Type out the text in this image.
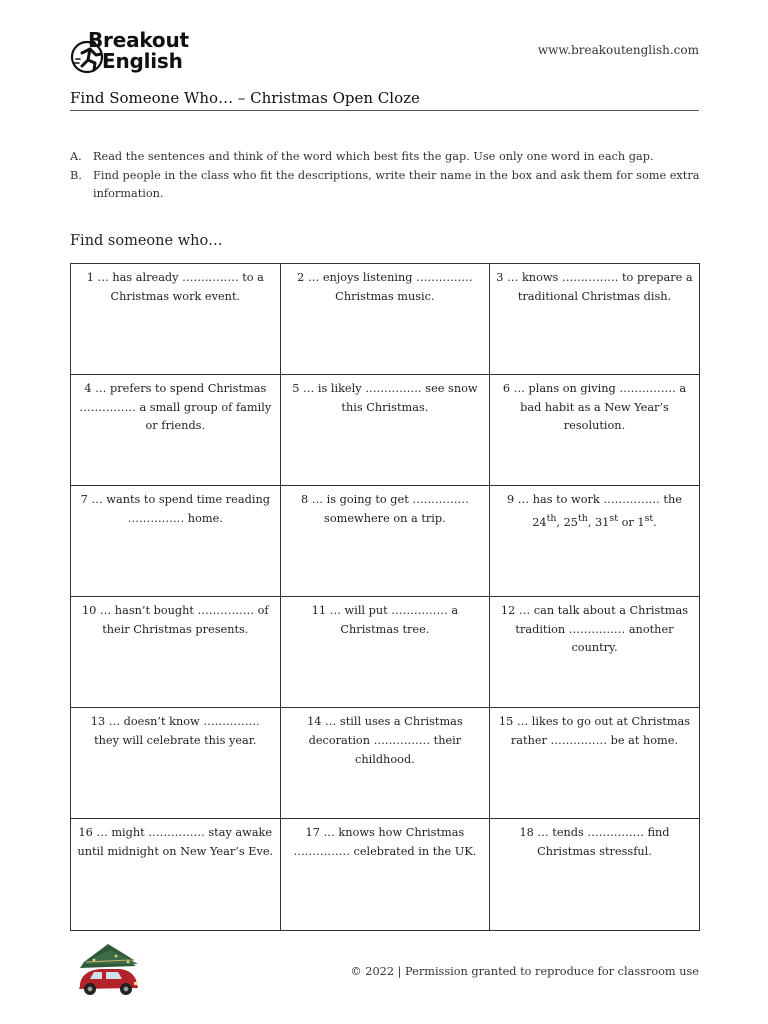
Breakout
English	www.breakoutenglish.com
Find Someone Who… – Christmas Open Cloze
A. Read the sentences and think of the word which best fits the gap. Use only one word in each gap.
B. Find people in the class who fit the descriptions, write their name in the box and ask them for some extra information.
Find someone who…
1 … has already …………… to a Christmas work event.	2 … enjoys listening …………… Christmas music.	3 … knows …………… to prepare a traditional Christmas dish.
4 … prefers to spend Christmas …………… a small group of family or friends.	5 … is likely …………… see snow this Christmas.	6 … plans on giving …………… a bad habit as a New Year’s resolution.
7 … wants to spend time reading …………… home.	8 … is going to get …………… somewhere on a trip.	9 … has to work …………… the 24th, 25th, 31st or 1st.
10 … hasn’t bought …………… of their Christmas presents.	11 … will put …………… a Christmas tree.	12 … can talk about a Christmas tradition …………… another country.
13 … doesn’t know …………… they will celebrate this year.	14 … still uses a Christmas decoration …………… their childhood.	15 … likes to go out at Christmas rather …………… be at home.
16 … might …………… stay awake until midnight on New Year’s Eve.	17 … knows how Christmas …………… celebrated in the UK.	18 … tends …………… find Christmas stressful.
© 2022 | Permission granted to reproduce for classroom use
